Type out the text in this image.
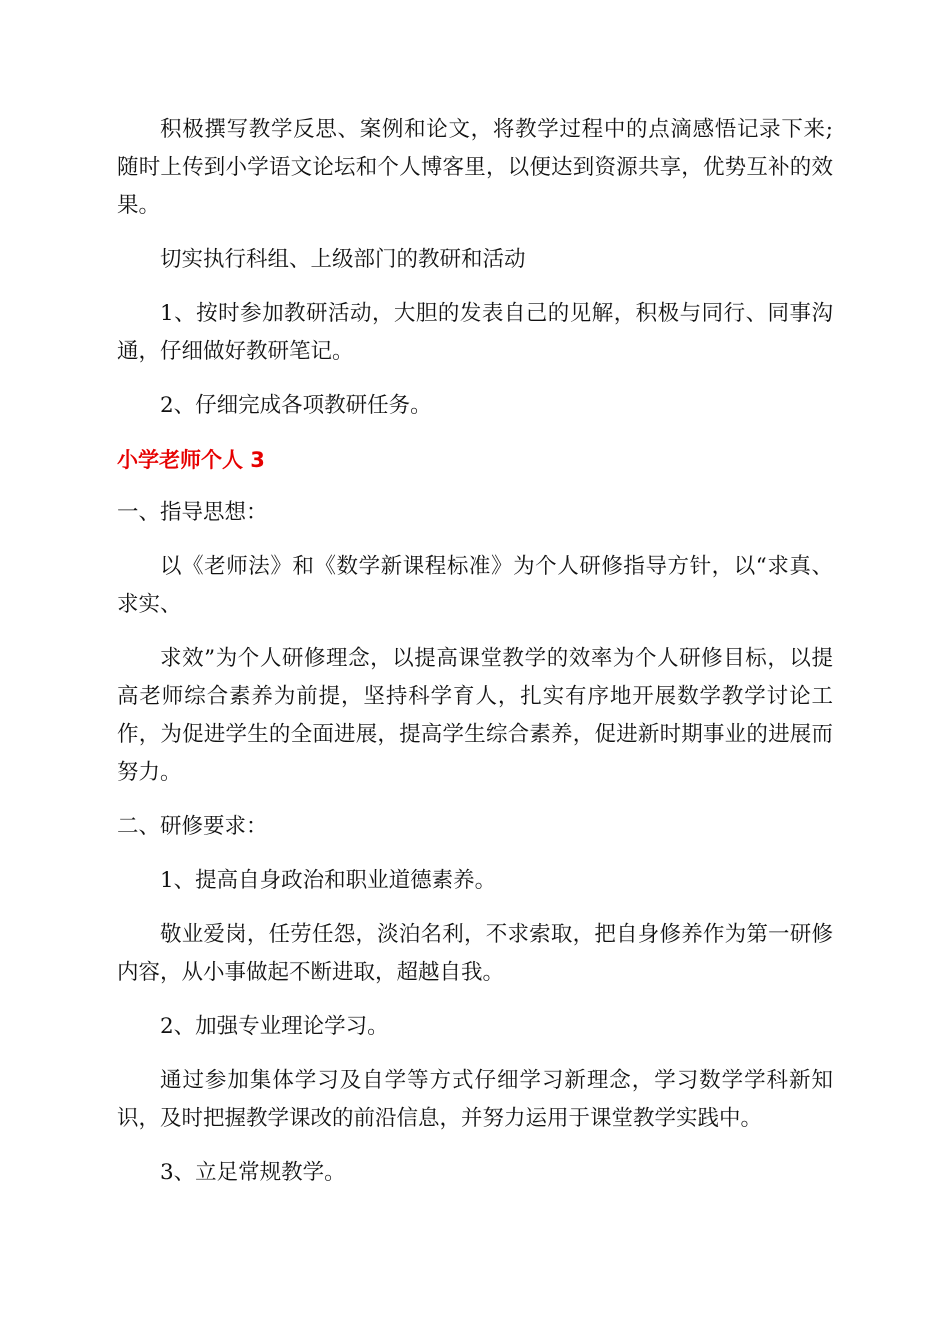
积极撰写教学反思、案例和论文，将教学过程中的点滴感悟记录下来;随时上传到小学语文论坛和个人博客里，以便达到资源共享，优势互补的效果。

切实执行科组、上级部门的教研和活动

1、按时参加教研活动，大胆的发表自己的见解，积极与同行、同事沟通，仔细做好教研笔记。

2、仔细完成各项教研任务。

小学老师个人 3

一、指导思想：

以《老师法》和《数学新课程标准》为个人研修指导方针，以“求真、求实、

求效”为个人研修理念，以提高课堂教学的效率为个人研修目标，以提高老师综合素养为前提，坚持科学育人，扎实有序地开展数学教学讨论工作，为促进学生的全面进展，提高学生综合素养，促进新时期事业的进展而努力。

二、研修要求：

1、提高自身政治和职业道德素养。

敬业爱岗，任劳任怨，淡泊名利，不求索取，把自身修养作为第一研修内容，从小事做起不断进取，超越自我。

2、加强专业理论学习。

通过参加集体学习及自学等方式仔细学习新理念，学习数学学科新知识，及时把握教学课改的前沿信息，并努力运用于课堂教学实践中。

3、立足常规教学。
